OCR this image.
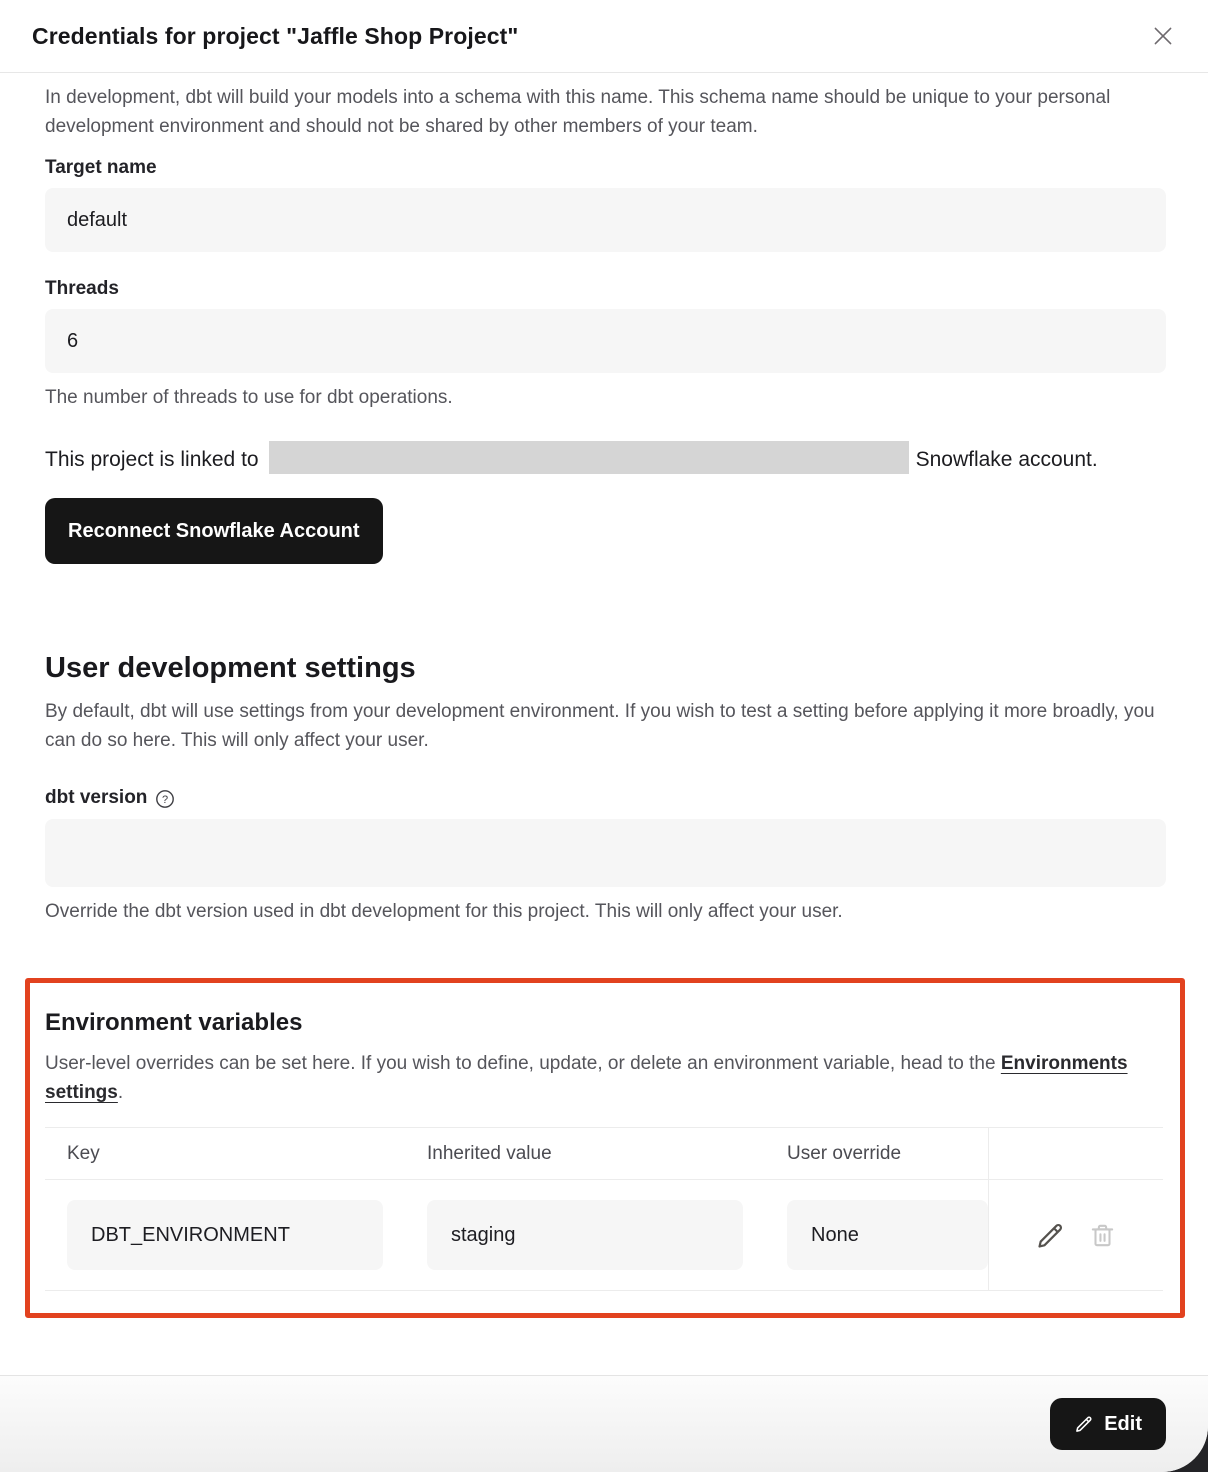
Credentials for project "Jaffle Shop Project"

In development, dbt will build your models into a schema with this name. This schema name should be unique to your personal development environment and should not be shared by other members of your team.

Target name
default
Threads
6
The number of threads to use for dbt operations.

This project is linked to	Snowflake account.

Reconnect Snowflake Account
User development settings

By default, dbt will use settings from your development environment. If you wish to test a setting before applying it more broadly, you can do so here. This will only affect your user.

dbt version ?
Override the dbt version used in dbt development for this project. This will only affect your user.
Environment variables

User-level overrides can be set here. If you wish to define, update, or delete an environment variable, head to the Environments settings.

Key	Inherited value	User override
DBT_ENVIRONMENT	staging	None
Edit
